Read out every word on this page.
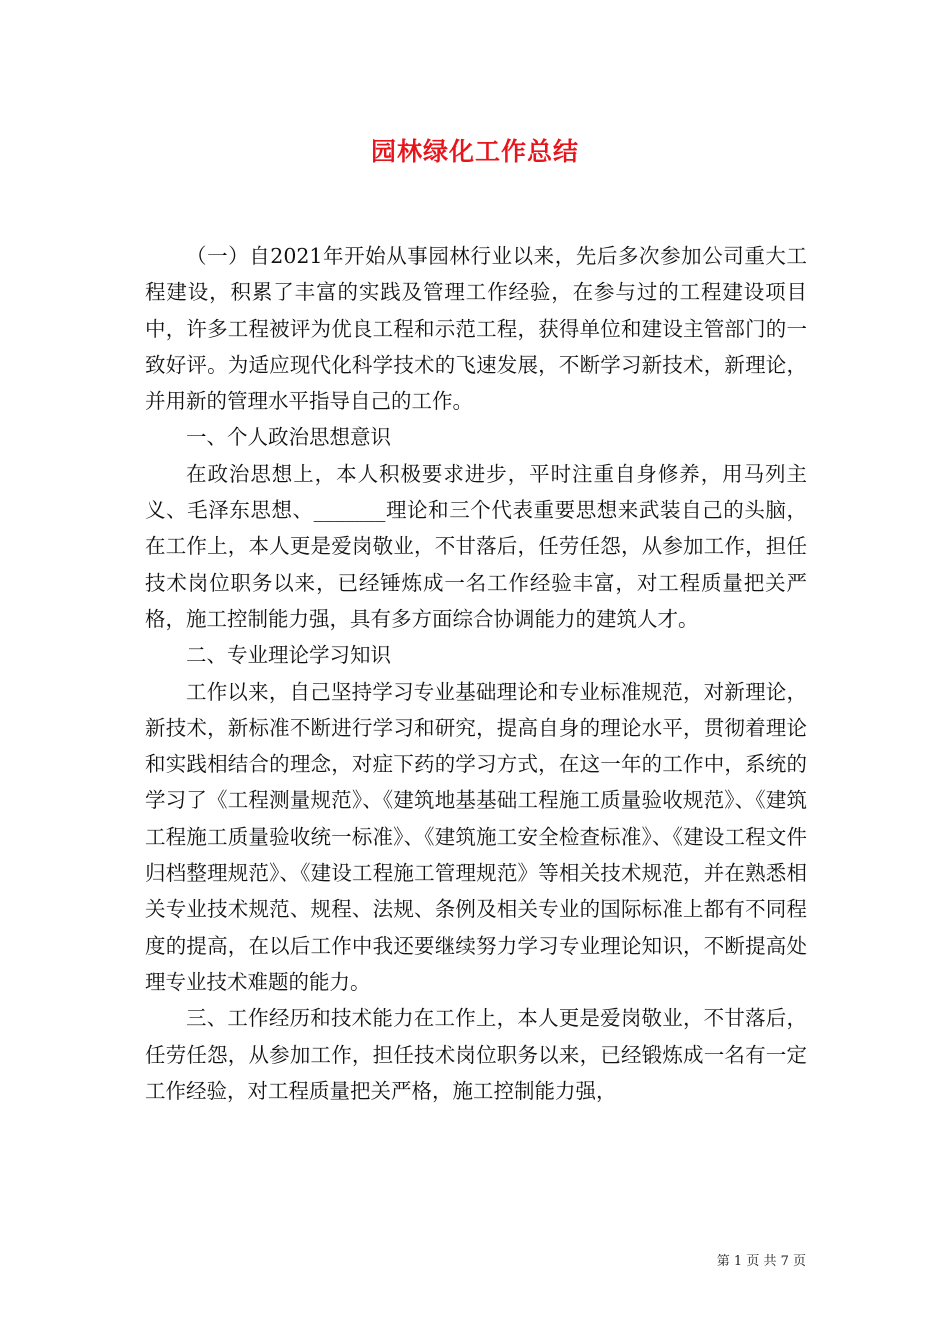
园林绿化工作总结

（一）自2021年开始从事园林行业以来，先后多次参加公司重大工程建设，积累了丰富的实践及管理工作经验，在参与过的工程建设项目中，许多工程被评为优良工程和示范工程，获得单位和建设主管部门的一致好评。为适应现代化科学技术的飞速发展，不断学习新技术，新理论，并用新的管理水平指导自己的工作。

一、个人政治思想意识

在政治思想上，本人积极要求进步，平时注重自身修养，用马列主义、毛泽东思想、_______理论和三个代表重要思想来武装自己的头脑，在工作上，本人更是爱岗敬业，不甘落后，任劳任怨，从参加工作，担任技术岗位职务以来，已经锤炼成一名工作经验丰富，对工程质量把关严格，施工控制能力强，具有多方面综合协调能力的建筑人才。

二、专业理论学习知识

工作以来，自己坚持学习专业基础理论和专业标准规范，对新理论，新技术，新标准不断进行学习和研究，提高自身的理论水平，贯彻着理论和实践相结合的理念，对症下药的学习方式，在这一年的工作中，系统的学习了《工程测量规范》、《建筑地基基础工程施工质量验收规范》、《建筑工程施工质量验收统一标准》、《建筑施工安全检查标准》、《建设工程文件归档整理规范》、《建设工程施工管理规范》等相关技术规范，并在熟悉相关专业技术规范、规程、法规、条例及相关专业的国际标准上都有不同程度的提高，在以后工作中我还要继续努力学习专业理论知识，不断提高处理专业技术难题的能力。

三、工作经历和技术能力在工作上，本人更是爱岗敬业，不甘落后，任劳任怨，从参加工作，担任技术岗位职务以来，已经锻炼成一名有一定工作经验，对工程质量把关严格，施工控制能力强，

第 1 页 共 7 页
